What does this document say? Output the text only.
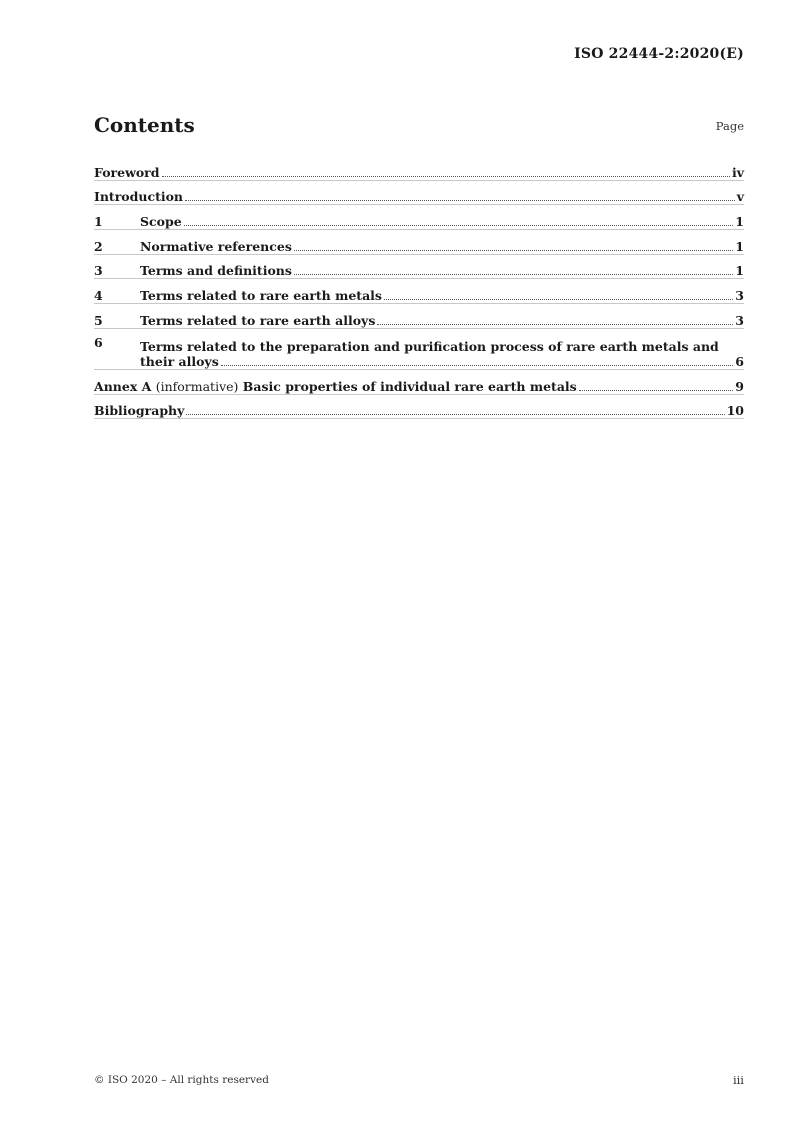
ISO 22444-2:2020(E)
Contents	Page
Foreword	iv
Introduction	v
1	Scope	1
2	Normative references	1
3	Terms and definitions	1
4	Terms related to rare earth metals	3
5	Terms related to rare earth alloys	3
6	Terms related to the preparation and purification process of rare earth metals and
their alloys	6
Annex A (informative) Basic properties of individual rare earth metals	9
Bibliography	10
© ISO 2020 – All rights reserved	iii
